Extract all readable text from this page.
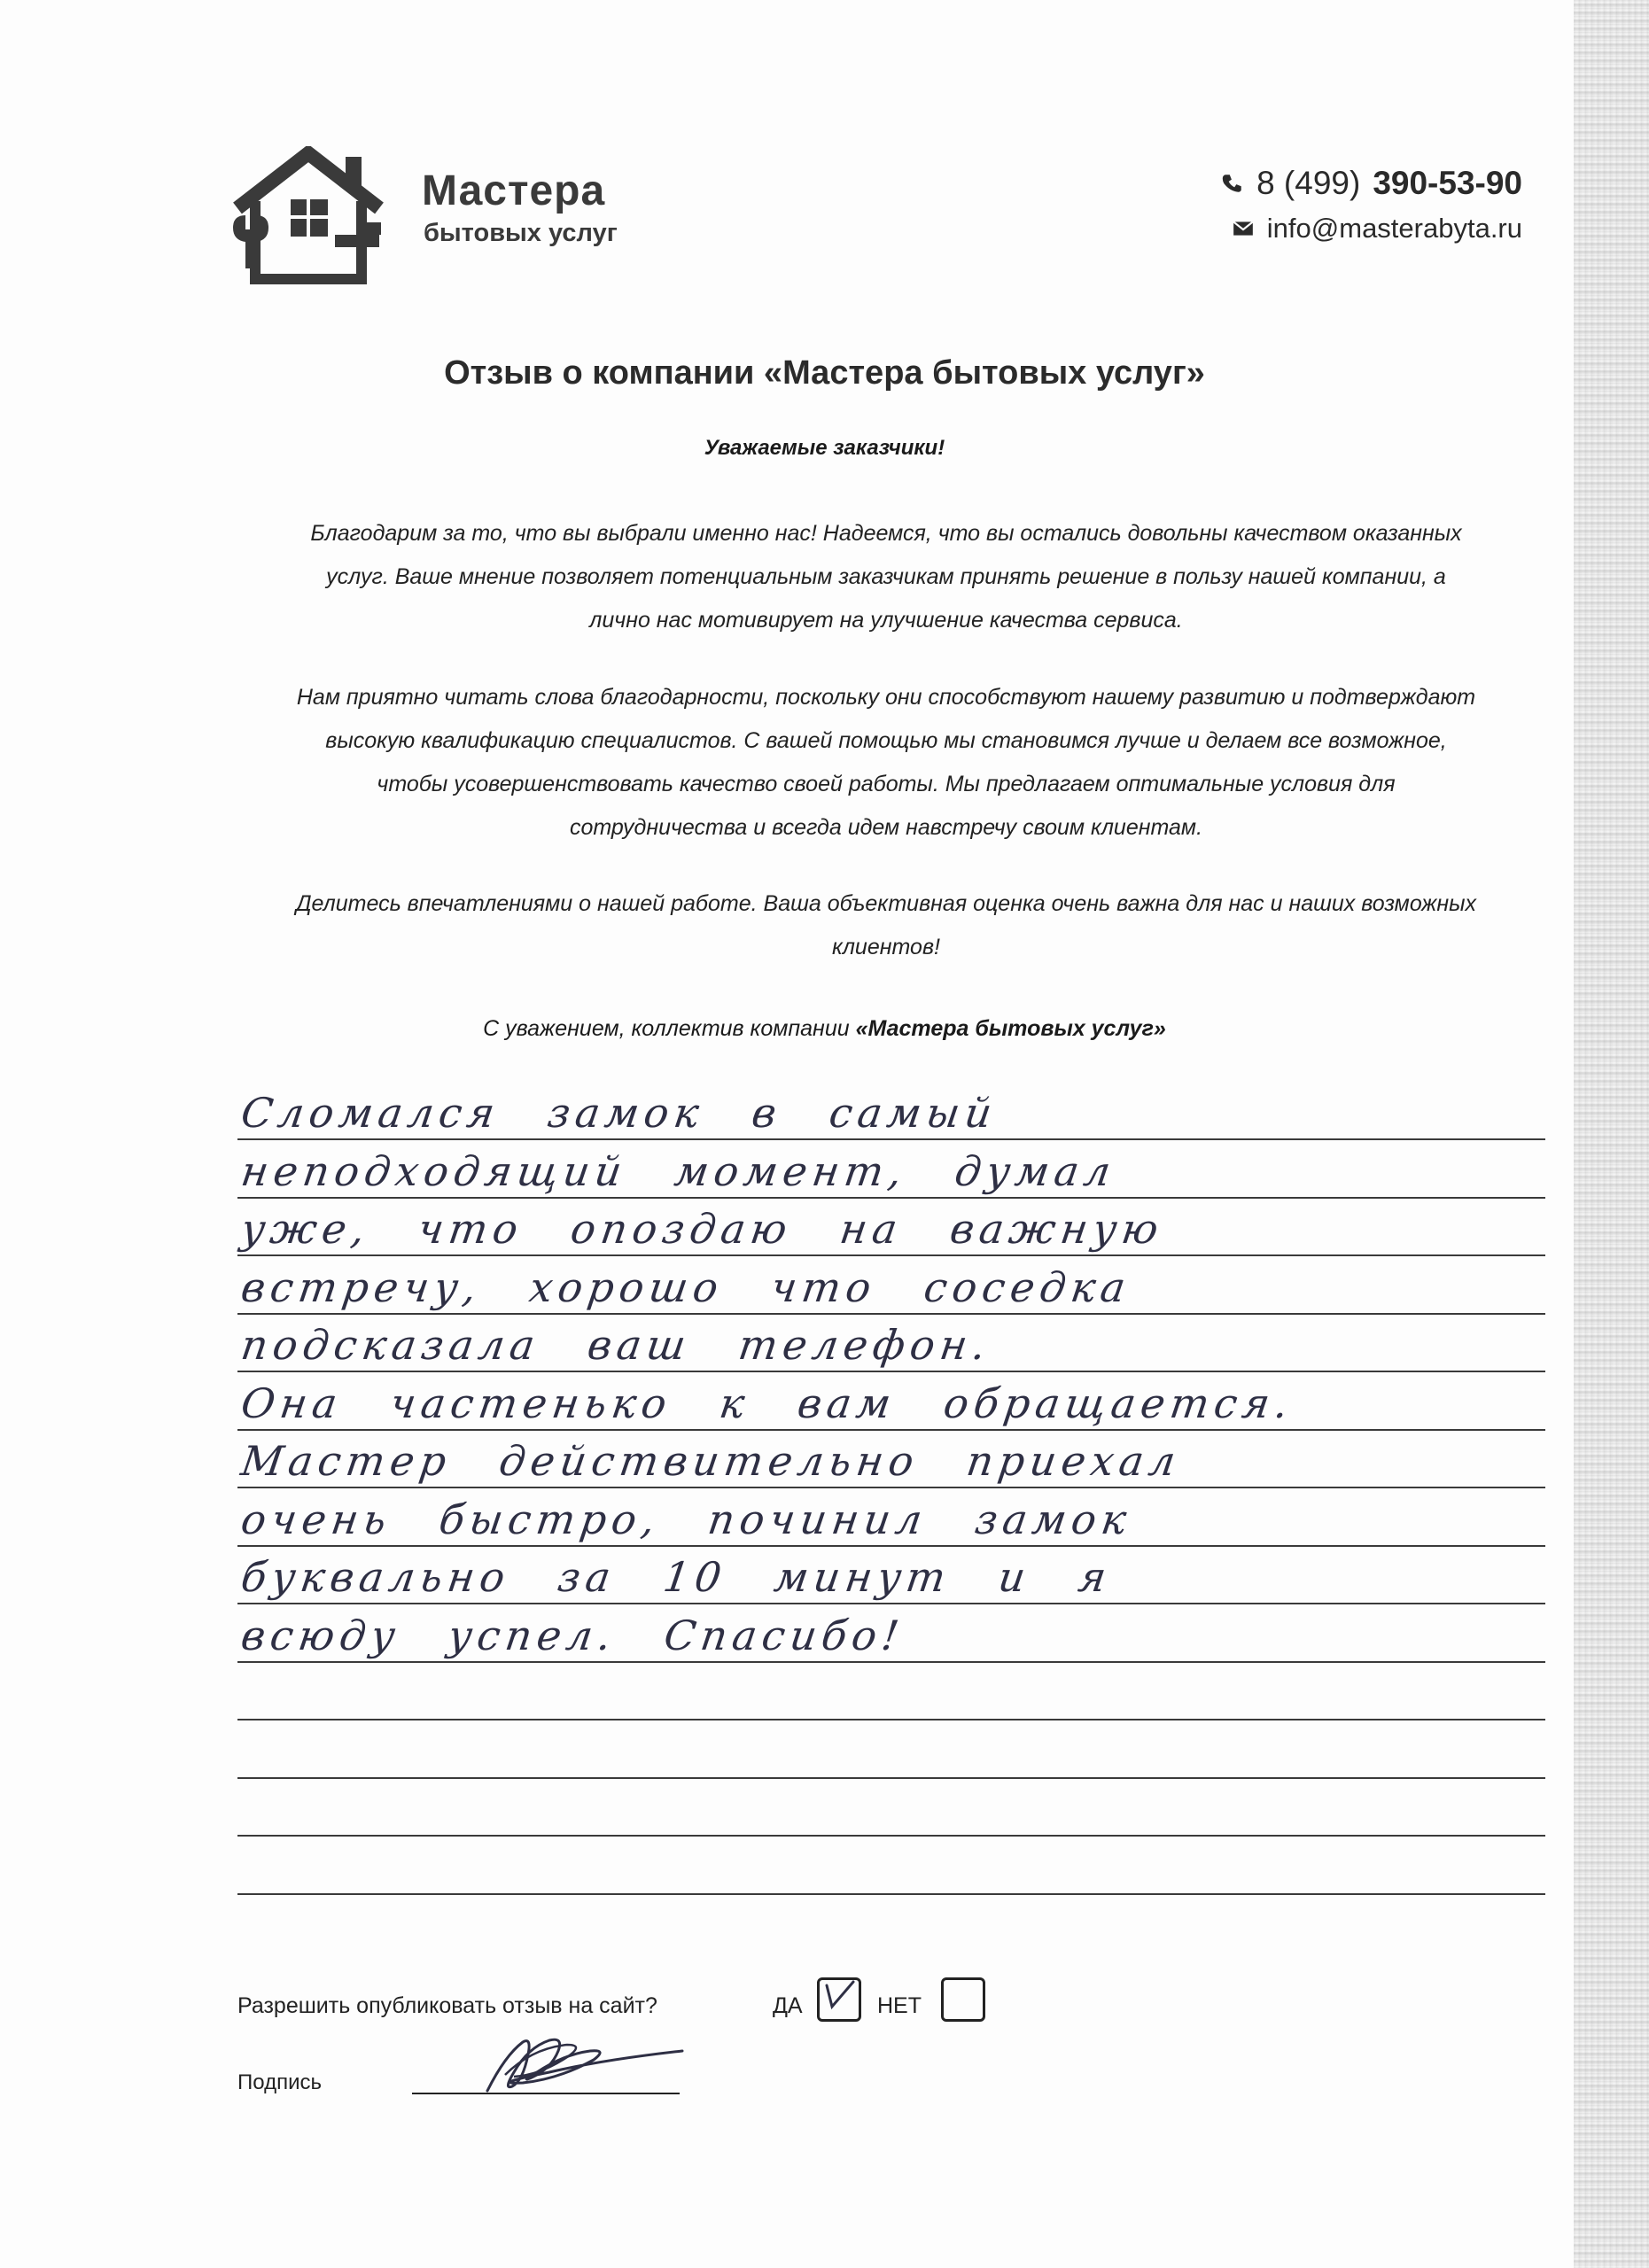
Мастера
бытовых услуг
8 (499) 390-53-90
info@masterabyta.ru
Отзыв о компании «Мастера бытовых услуг»
Уважаемые заказчики!
Благодарим за то, что вы выбрали именно нас! Надеемся, что вы остались довольны качеством оказанных
услуг. Ваше мнение позволяет потенциальным заказчикам принять решение в пользу нашей компании, а
лично нас мотивирует на улучшение качества сервиса.
Нам приятно читать слова благодарности, поскольку они способствуют нашему развитию и подтверждают
высокую квалификацию специалистов. С вашей помощью мы становимся лучше и делаем все возможное,
чтобы усовершенствовать качество своей работы. Мы предлагаем оптимальные условия для
сотрудничества и всегда идем навстречу своим клиентам.
Делитесь впечатлениями о нашей работе. Ваша объективная оценка очень важна для нас и наших возможных
клиентов!
С уважением, коллектив компании «Мастера бытовых услуг»
Сломался замок в самый
неподходящий момент, думал
уже, что опоздаю на важную
встречу, хорошо что соседка
подсказала ваш телефон.
Она частенько к вам обращается.
Мастер действительно приехал
очень быстро, починил замок
буквально за 10 минут и я
всюду успел. Спасибо!
Разрешить опубликовать отзыв на сайт?	ДА	НЕТ
Подпись
